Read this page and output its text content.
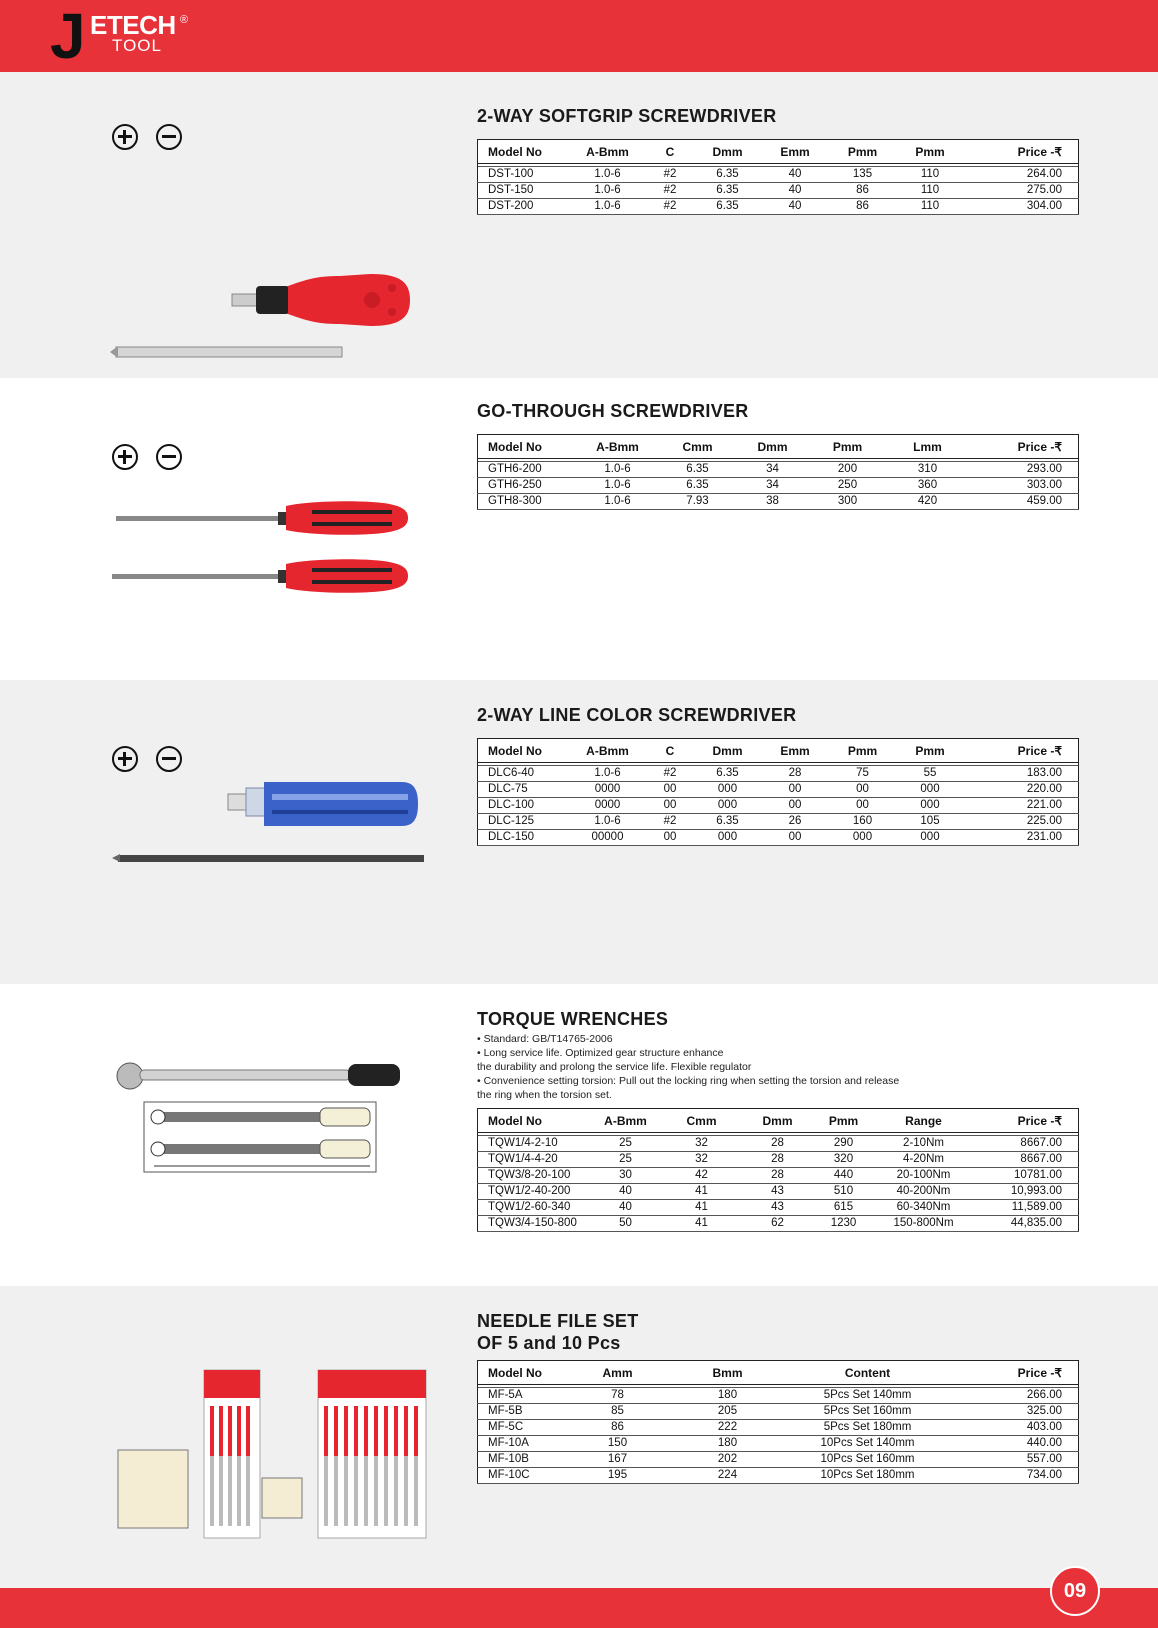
J ETECH ®
TOOL
2-WAY SOFTGRIP SCREWDRIVER
Model No	A-Bmm	C	Dmm	Emm	Pmm	Pmm	Price -₹

DST-100	1.0-6	#2	6.35	40	135	110	264.00
DST-150	1.0-6	#2	6.35	40	86	110	275.00
DST-200	1.0-6	#2	6.35	40	86	110	304.00
GO-THROUGH SCREWDRIVER
Model No	A-Bmm	Cmm	Dmm	Pmm	Lmm	Price -₹

GTH6-200	1.0-6	6.35	34	200	310	293.00
GTH6-250	1.0-6	6.35	34	250	360	303.00
GTH8-300	1.0-6	7.93	38	300	420	459.00
2-WAY LINE COLOR SCREWDRIVER
Model No	A-Bmm	C	Dmm	Emm	Pmm	Pmm	Price -₹

DLC6-40	1.0-6	#2	6.35	28	75	55	183.00
DLC-75	0000	00	000	00	00	000	220.00
DLC-100	0000	00	000	00	00	000	221.00
DLC-125	1.0-6	#2	6.35	26	160	105	225.00
DLC-150	00000	00	000	00	000	000	231.00
TORQUE WRENCHES

• Standard: GB/T14765-2006

• Long service life. Optimized gear structure enhance

the durability and prolong the service life. Flexible regulator

• Convenience setting torsion: Pull out the locking ring when setting the torsion and release

the ring when the torsion set.

Model No	A-Bmm	Cmm	Dmm	Pmm	Range	Price -₹

TQW1/4-2-10	25	32	28	290	2-10Nm	8667.00
TQW1/4-4-20	25	32	28	320	4-20Nm	8667.00
TQW3/8-20-100	30	42	28	440	20-100Nm	10781.00
TQW1/2-40-200	40	41	43	510	40-200Nm	10,993.00
TQW1/2-60-340	40	41	43	615	60-340Nm	11,589.00
TQW3/4-150-800	50	41	62	1230	150-800Nm	44,835.00
NEEDLE FILE SET
OF 5 and 10 Pcs
Model No	Amm	Bmm	Content	Price -₹

MF-5A	78	180	5Pcs Set 140mm	266.00
MF-5B	85	205	5Pcs Set 160mm	325.00
MF-5C	86	222	5Pcs Set 180mm	403.00
MF-10A	150	180	10Pcs Set 140mm	440.00
MF-10B	167	202	10Pcs Set 160mm	557.00
MF-10C	195	224	10Pcs Set 180mm	734.00
09
